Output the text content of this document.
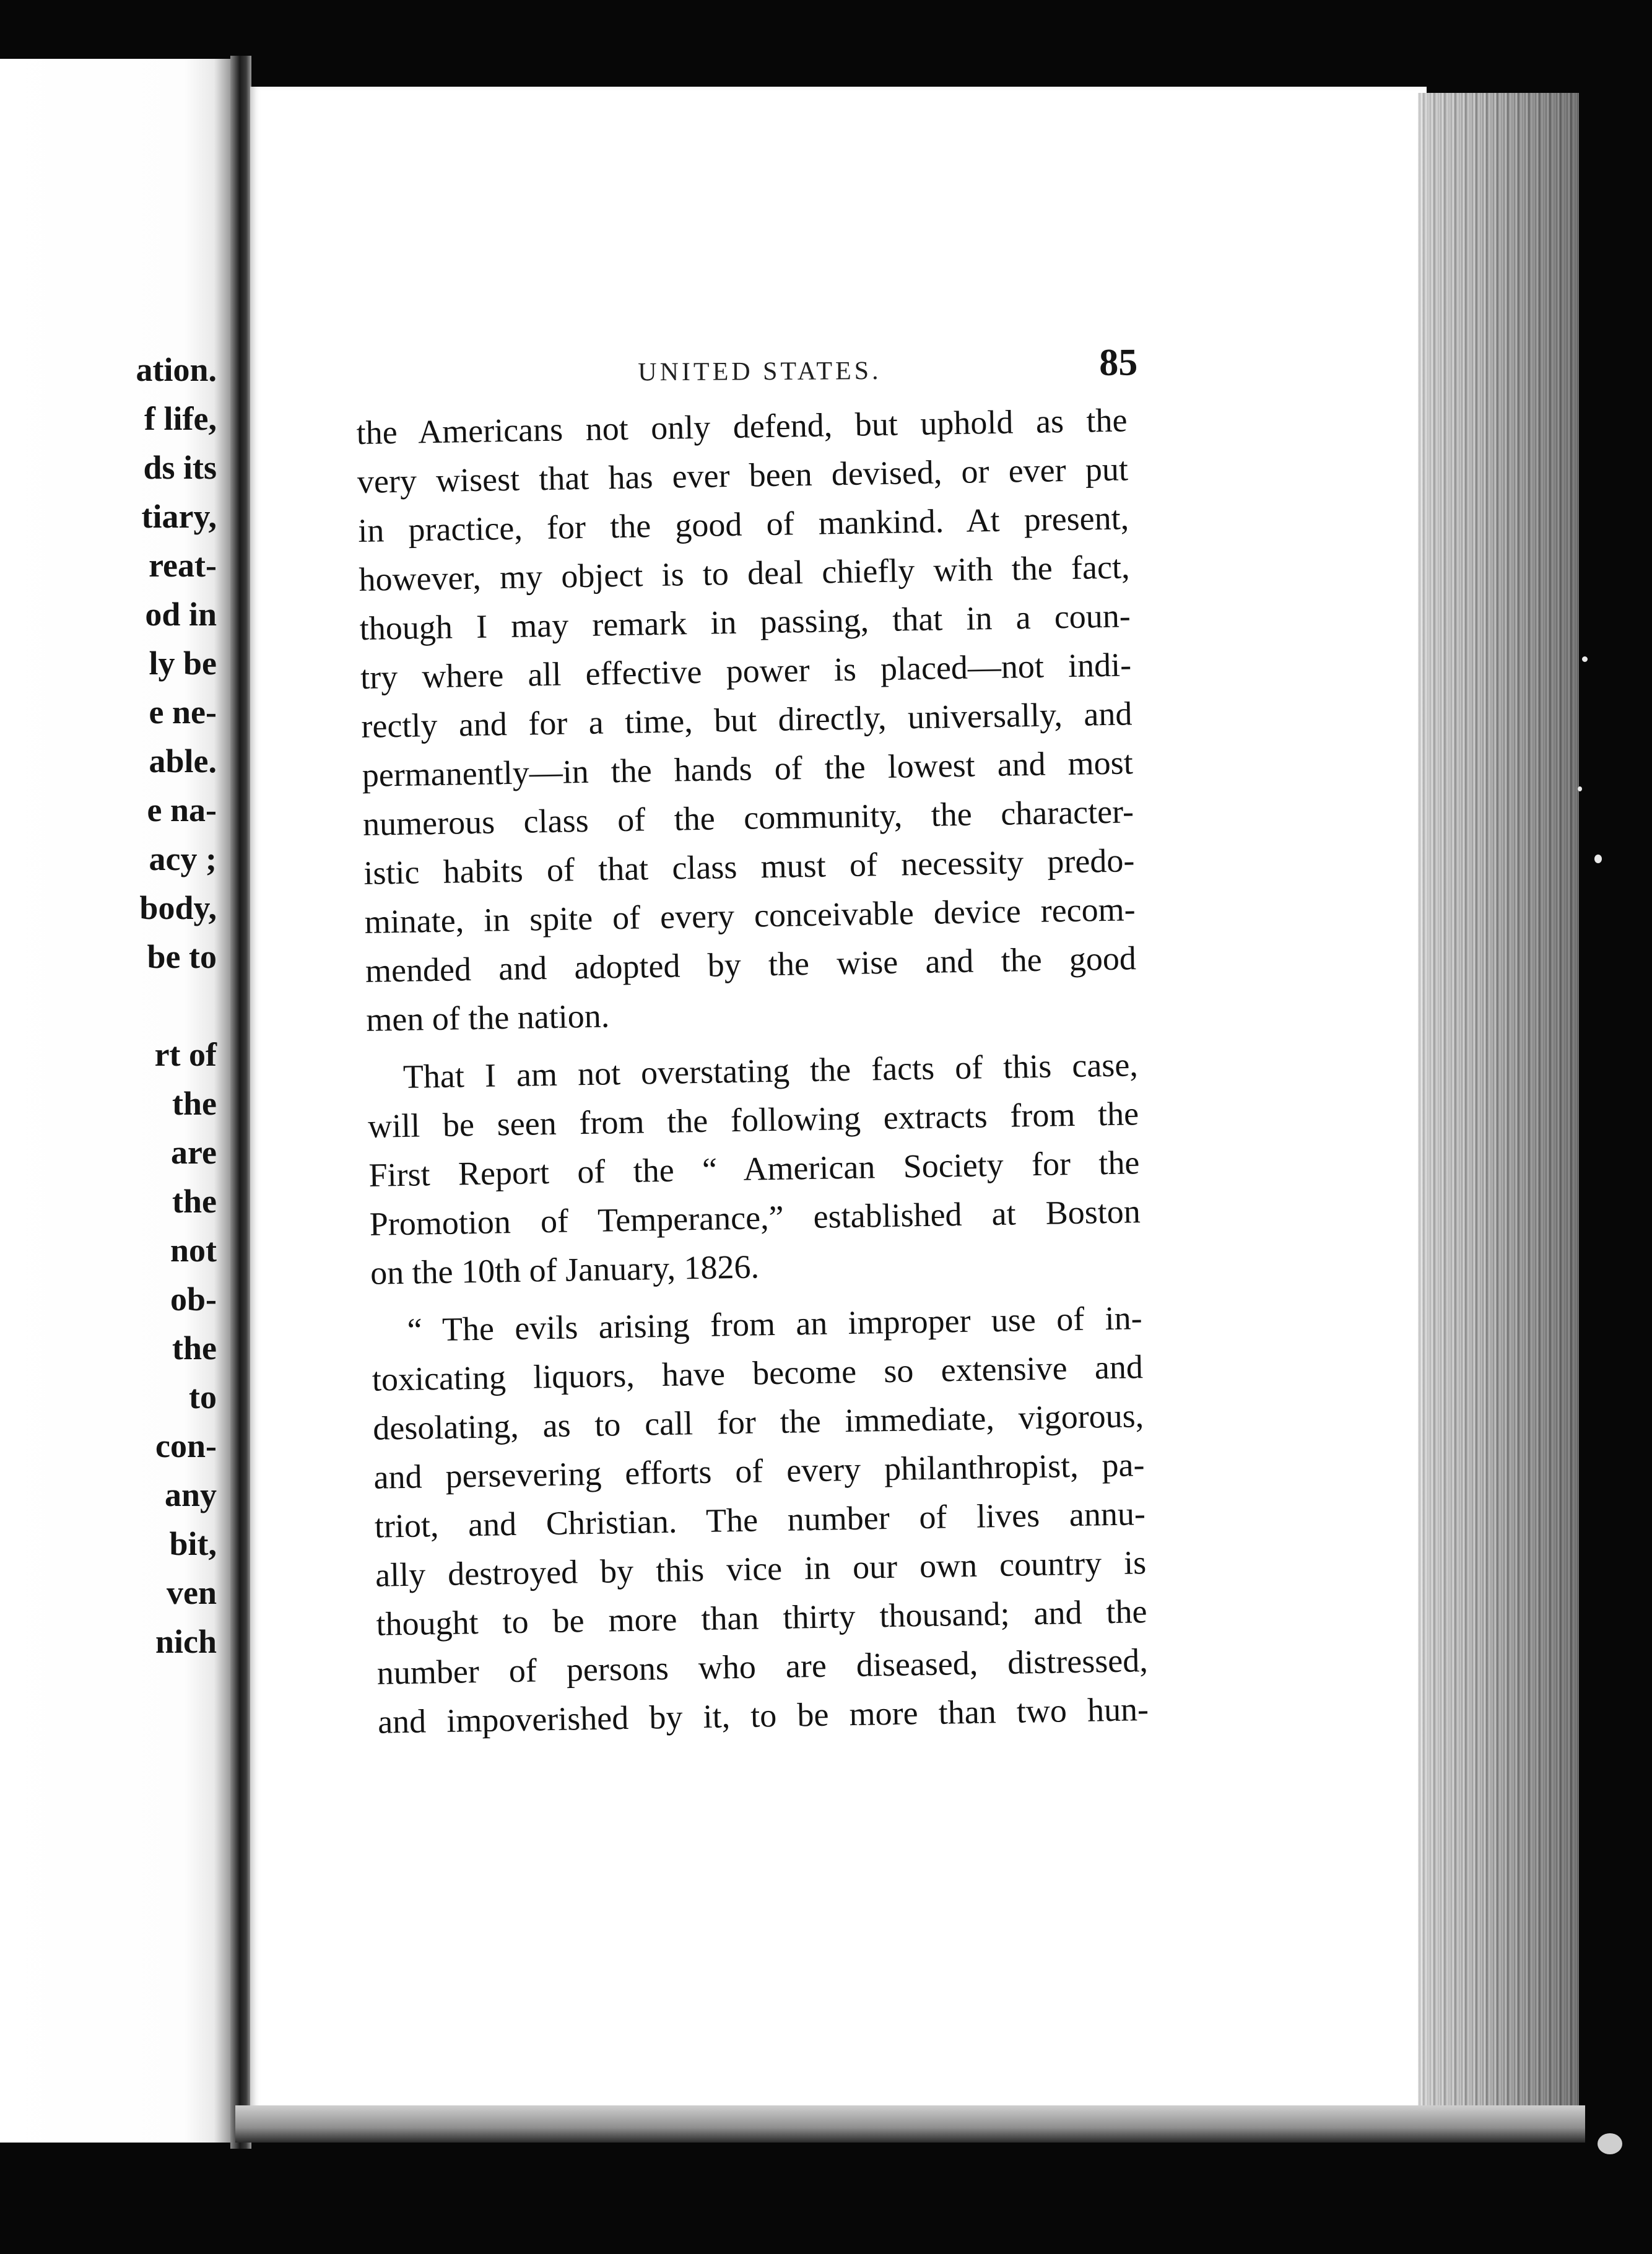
ation.
f life,
ds its
tiary,
reat-
od in
ly be
e ne-
able.
e na-
acy ;
body,
be to
rt of
the
are
the
not
ob-
the
to
con-
any
bit,
ven
nich
UNITED STATES.	85
the Americans not only defend, but uphold as the
very wisest that has ever been devised, or ever put
in practice, for the good of mankind. At present,
however, my object is to deal chiefly with the fact,
though I may remark in passing, that in a coun-
try where all effective power is placed—not indi-
rectly and for a time, but directly, universally, and
permanently—in the hands of the lowest and most
numerous class of the community, the character-
istic habits of that class must of necessity predo-
minate, in spite of every conceivable device recom-
mended and adopted by the wise and the good
men of the nation.
That I am not overstating the facts of this case,
will be seen from the following extracts from the
First Report of the “ American Society for the
Promotion of Temperance,” established at Boston
on the 10th of January, 1826.
“ The evils arising from an improper use of in-
toxicating liquors, have become so extensive and
desolating, as to call for the immediate, vigorous,
and persevering efforts of every philanthropist, pa-
triot, and Christian. The number of lives annu-
ally destroyed by this vice in our own country is
thought to be more than thirty thousand; and the
number of persons who are diseased, distressed,
and impoverished by it, to be more than two hun-
